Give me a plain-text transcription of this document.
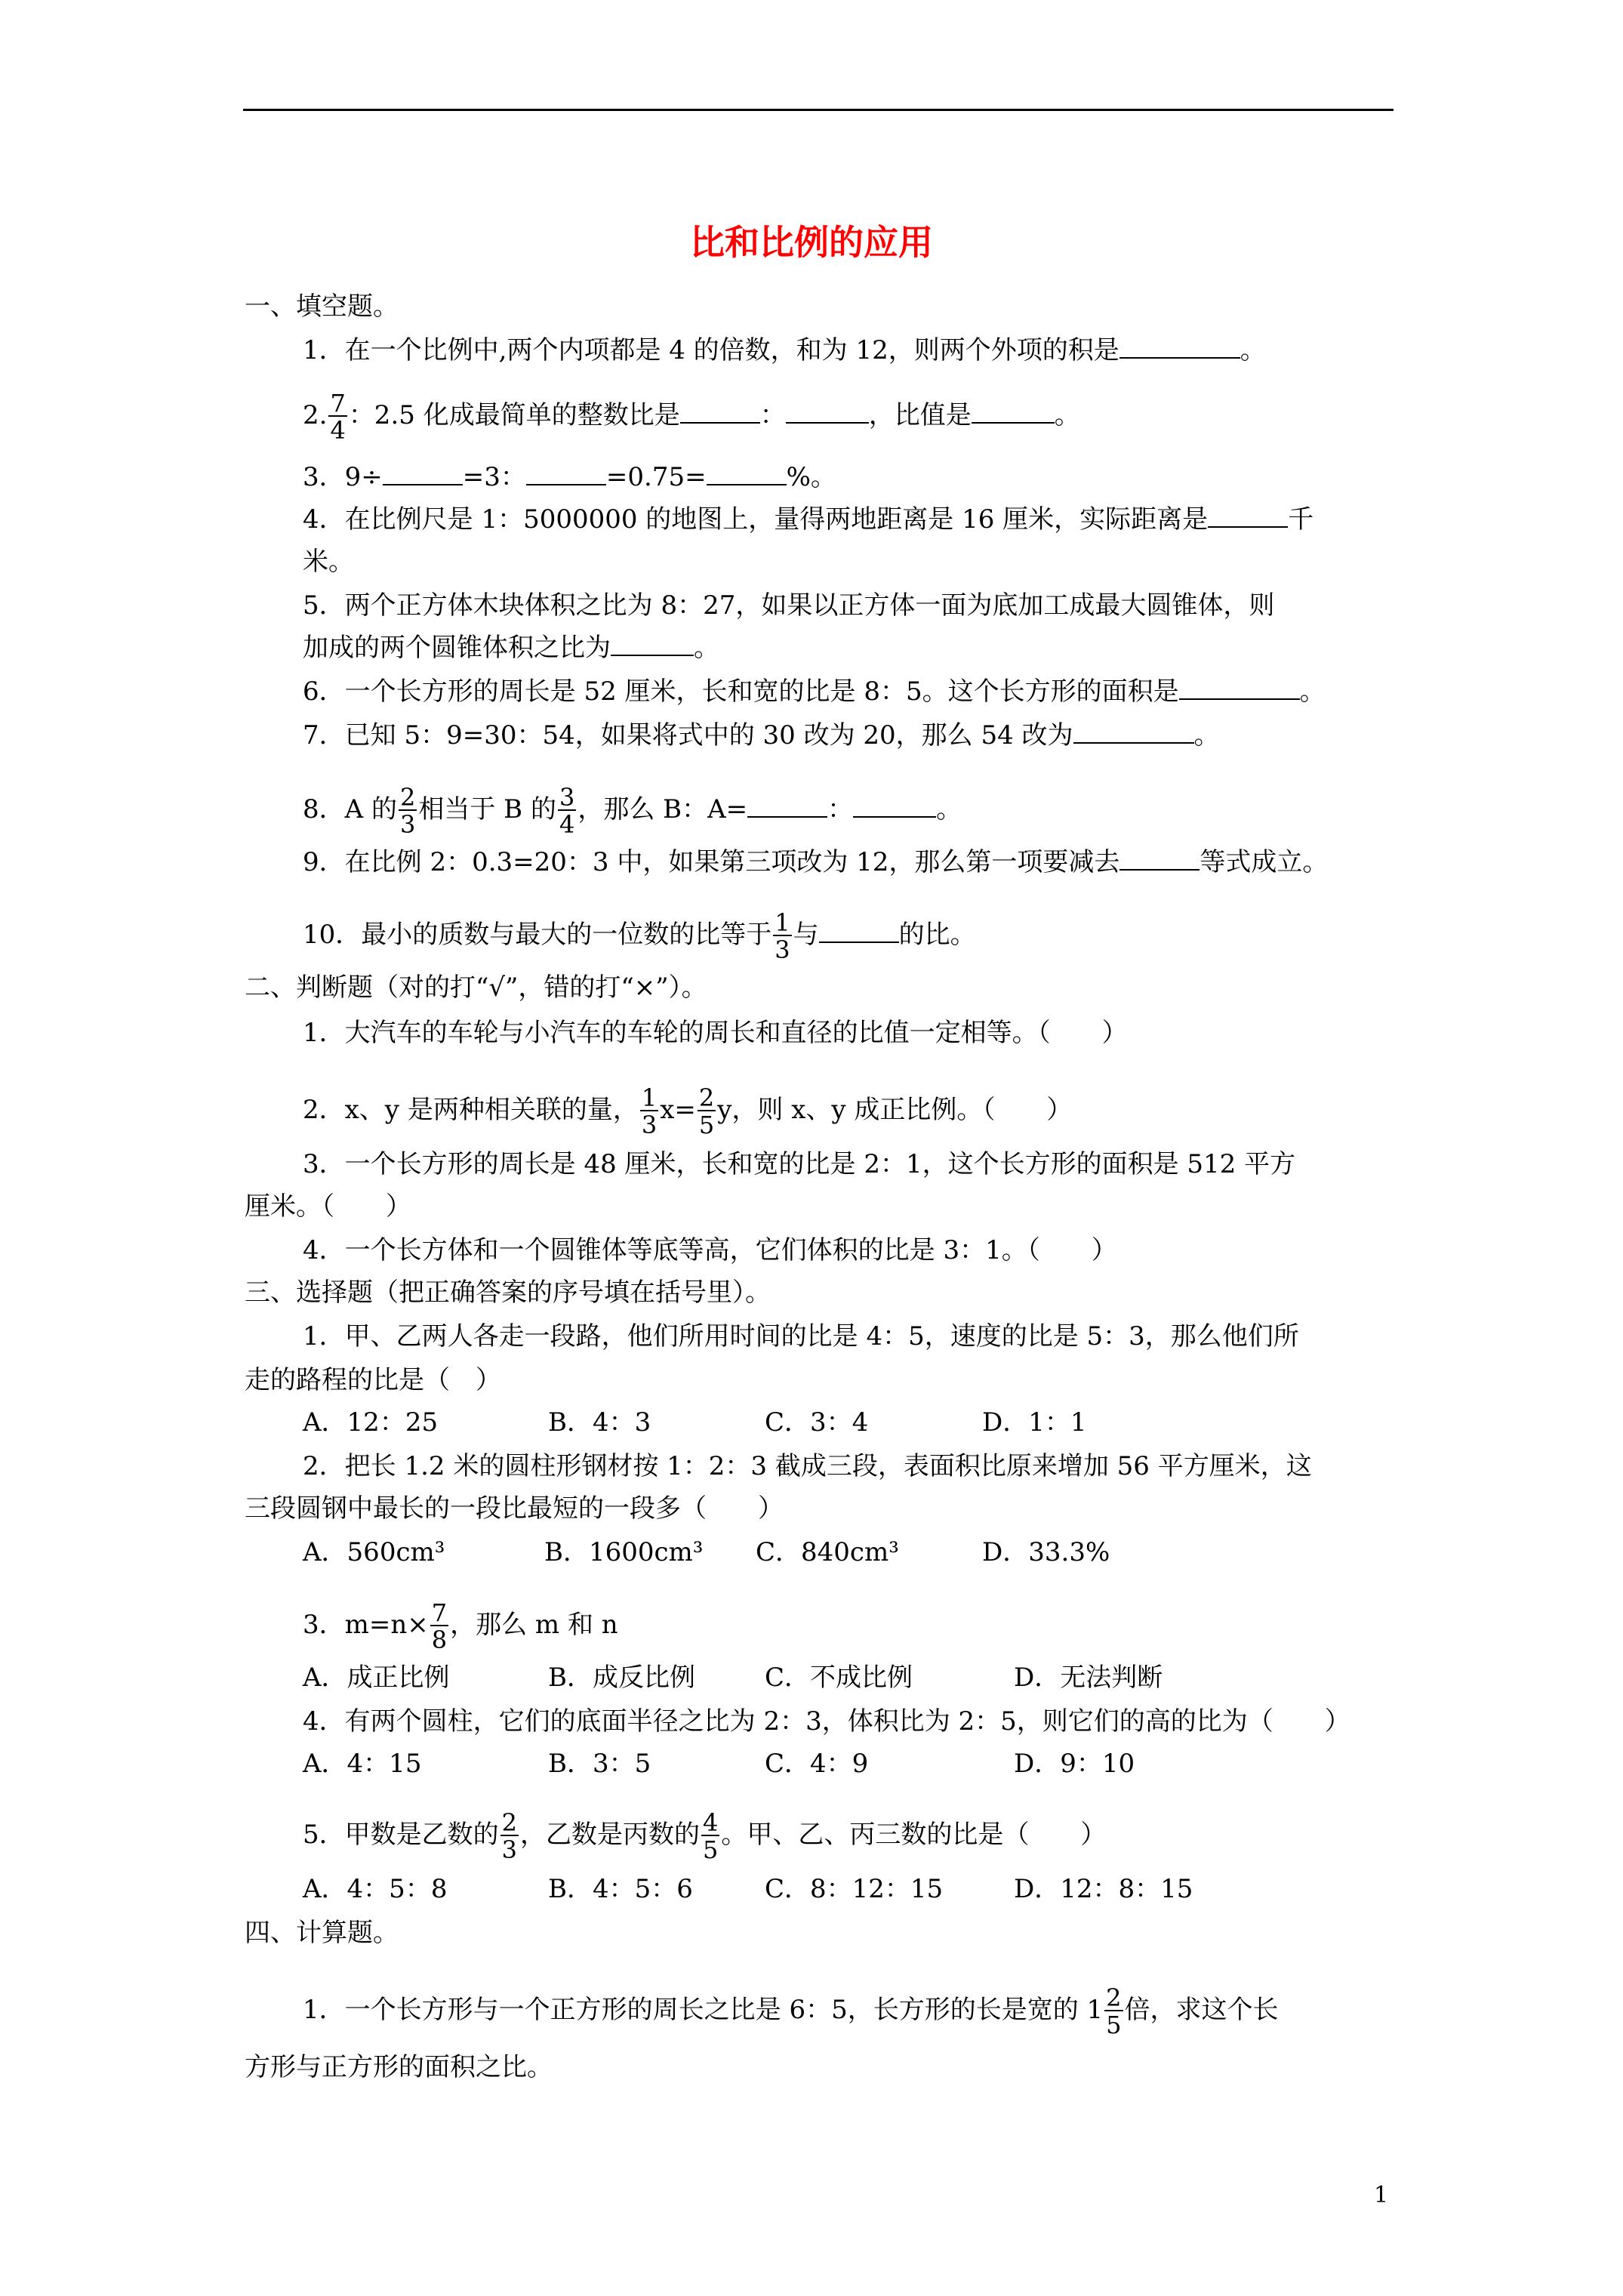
比和比例的应用
一、填空题。
1．在一个比例中,两个内项都是 4 的倍数，和为 12，则两个外项的积是	。
2. $\frac{7}{4}$ ：2.5 化成最简单的整数比是	：	，比值是	。
3．9÷	=3：	=0.75=	%。
4．在比例尺是 1：5000000 的地图上，量得两地距离是 16 厘米，实际距离是	千
米。
5．两个正方体木块体积之比为 8：27，如果以正方体一面为底加工成最大圆锥体，则
加成的两个圆锥体积之比为	。
6．一个长方形的周长是 52 厘米，长和宽的比是 8：5。这个长方形的面积是	。
7．已知 5：9=30：54，如果将式中的 30 改为 20，那么 54 改为	。
8．A 的 $\frac{2}{3}$ 相当于 B 的 $\frac{3}{4}$ ，那么 B：A=	：	。
9．在比例 2：0.3=20：3 中，如果第三项改为 12，那么第一项要减去	等式成立。
10．最小的质数与最大的一位数的比等于 $\frac{1}{3}$ 与	的比。
二、判断题（对的打“√”，错的打“×”）。
1．大汽车的车轮与小汽车的车轮的周长和直径的比值一定相等。（　　）
2．x、y 是两种相关联的量， $\frac{1}{3} x= \frac{2}{5}$ y，则 x、y 成正比例。（　　）
3．一个长方形的周长是 48 厘米，长和宽的比是 2：1，这个长方形的面积是 512 平方
厘米。（　　）
4．一个长方体和一个圆锥体等底等高，它们体积的比是 3：1。（　　）
三、选择题（把正确答案的序号填在括号里）。
1．甲、乙两人各走一段路，他们所用时间的比是 4：5，速度的比是 5：3，那么他们所
走的路程的比是（　）
A．12：25	B．4：3	C．3：4	D．1：1
2．把长 1.2 米的圆柱形钢材按 1：2：3 截成三段，表面积比原来增加 56 平方厘米，这
三段圆钢中最长的一段比最短的一段多（　　）
A．560cm³	B．1600cm³ C．840cm³	D．33.3%
3．$m=n\times \frac{7}{8}$ ，那么 m 和 n
A．成正比例	B．成反比例	C．不成比例	D．无法判断
4．有两个圆柱，它们的底面半径之比为 2：3，体积比为 2：5，则它们的高的比为（　　）
A．4：15	B．3：5	C．4：9	D．9：10
5．甲数是乙数的 $\frac{2}{3}$ ，乙数是丙数的 $\frac{4}{5}$ 。甲、乙、丙三数的比是（　　）
A．4：5：8	B．4：5：6	C．8：12：15	D．12：8：15
四、计算题。
1．一个长方形与一个正方形的周长之比是 6：5，长方形的长是宽的 $1 \frac{2}{5}$ 倍，求这个长
方形与正方形的面积之比。
1
